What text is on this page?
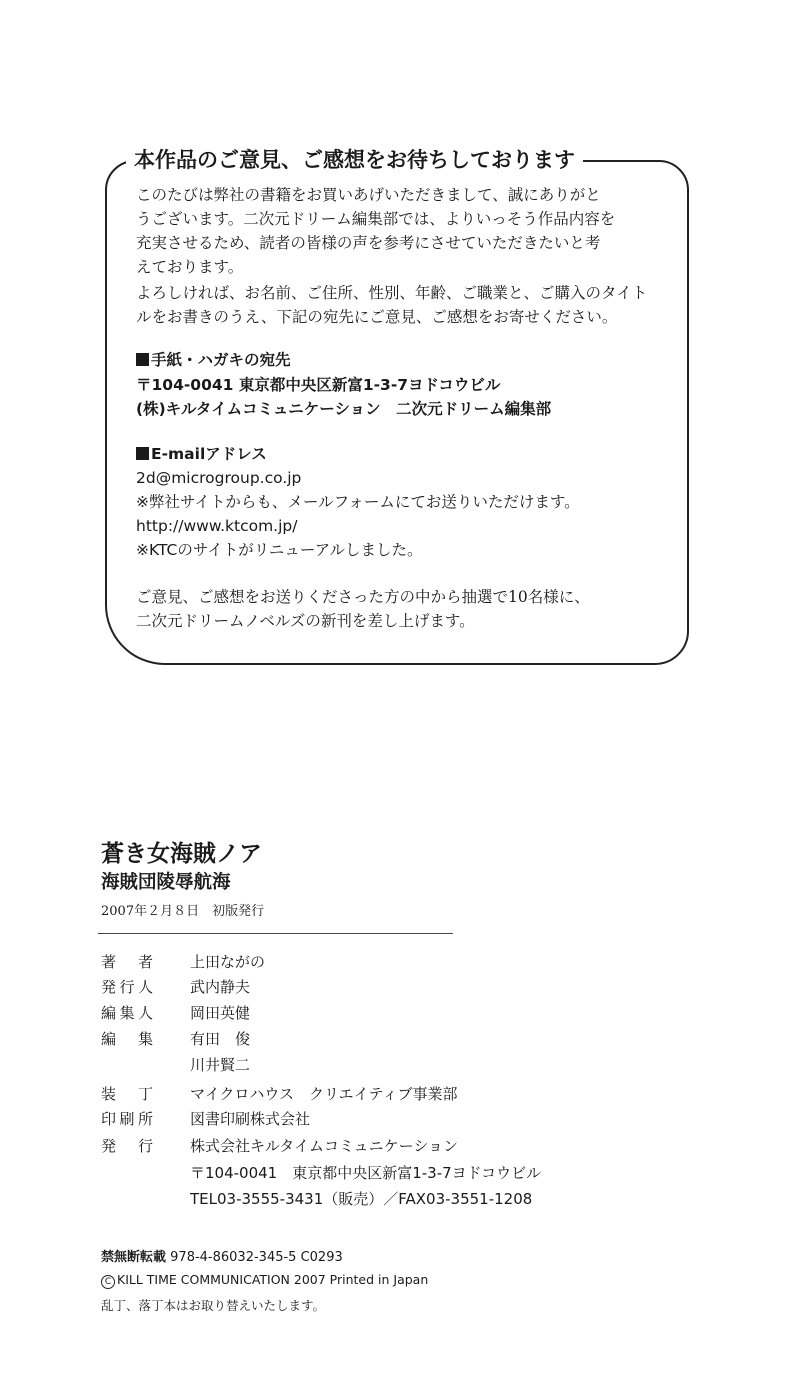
本作品のご意見、ご感想をお待ちしております
このたびは弊社の書籍をお買いあげいただきまして、誠にありがと
うございます。二次元ドリーム編集部では、よりいっそう作品内容を
充実させるため、読者の皆様の声を参考にさせていただきたいと考
えております。
よろしければ、お名前、ご住所、性別、年齢、ご職業と、ご購入のタイト
ルをお書きのうえ、下記の宛先にご意見、ご感想をお寄せください。
手紙・ハガキの宛先
〒104-0041 東京都中央区新富1-3-7ヨドコウビル
(株)キルタイムコミュニケーション　二次元ドリーム編集部
E-mailアドレス
2d@microgroup.co.jp
※弊社サイトからも、メールフォームにてお送りいただけます。
http://www.ktcom.jp/
※KTCのサイトがリニューアルしました。
ご意見、ご感想をお送りくださった方の中から抽選で10名様に、
二次元ドリームノベルズの新刊を差し上げます。
蒼き女海賊ノア
海賊団陵辱航海
2007年２月８日　初版発行
著者 上田ながの
発行人 武内静夫
編集人 岡田英健
編集 有田　俊
川井賢二
装丁 マイクロハウス　クリエイティブ事業部
印刷所 図書印刷株式会社
発行 株式会社キルタイムコミュニケーション
〒104-0041　東京都中央区新富1-3-7ヨドコウビル
TEL03-3555-3431（販売）／FAX03-3551-1208
禁無断転載 978-4-86032-345-5 C0293
C KILL TIME COMMUNICATION 2007 Printed in Japan
乱丁、落丁本はお取り替えいたします。
